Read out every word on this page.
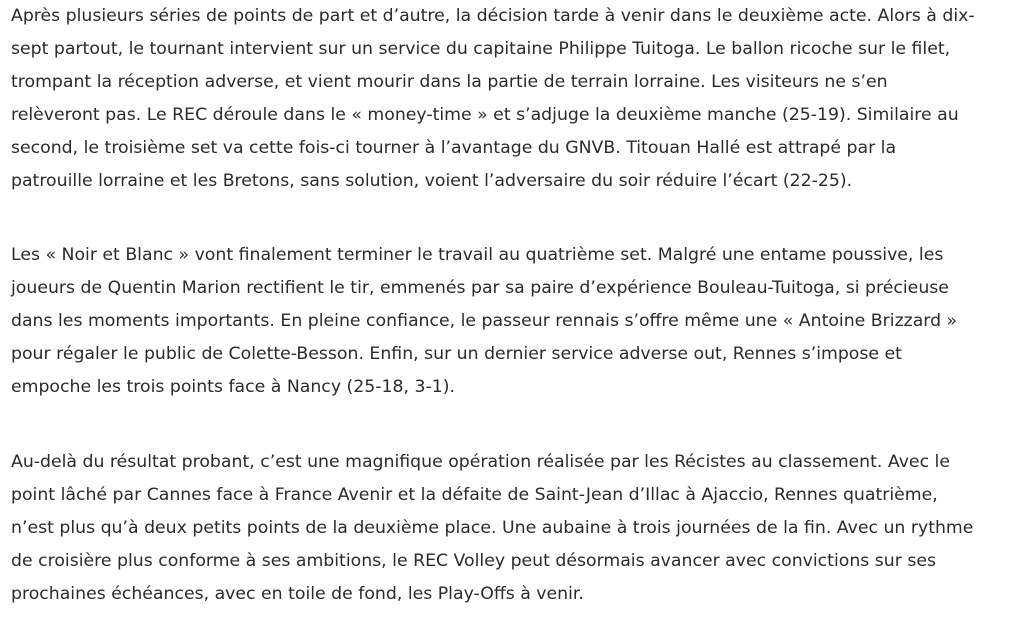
Après plusieurs séries de points de part et d’autre, la décision tarde à venir dans le deuxième acte. Alors à dix-
sept partout, le tournant intervient sur un service du capitaine Philippe Tuitoga. Le ballon ricoche sur le filet,
trompant la réception adverse, et vient mourir dans la partie de terrain lorraine. Les visiteurs ne s’en
relèveront pas. Le REC déroule dans le « money-time » et s’adjuge la deuxième manche (25-19). Similaire au
second, le troisième set va cette fois-ci tourner à l’avantage du GNVB. Titouan Hallé est attrapé par la
patrouille lorraine et les Bretons, sans solution, voient l’adversaire du soir réduire l’écart (22-25).

Les « Noir et Blanc » vont finalement terminer le travail au quatrième set. Malgré une entame poussive, les
joueurs de Quentin Marion rectifient le tir, emmenés par sa paire d’expérience Bouleau-Tuitoga, si précieuse
dans les moments importants. En pleine confiance, le passeur rennais s’offre même une « Antoine Brizzard »
pour régaler le public de Colette-Besson. Enfin, sur un dernier service adverse out, Rennes s’impose et
empoche les trois points face à Nancy (25-18, 3-1).

Au-delà du résultat probant, c’est une magnifique opération réalisée par les Récistes au classement. Avec le
point lâché par Cannes face à France Avenir et la défaite de Saint-Jean d’Illac à Ajaccio, Rennes quatrième,
n’est plus qu’à deux petits points de la deuxième place. Une aubaine à trois journées de la fin. Avec un rythme
de croisière plus conforme à ses ambitions, le REC Volley peut désormais avancer avec convictions sur ses
prochaines échéances, avec en toile de fond, les Play-Offs à venir.
